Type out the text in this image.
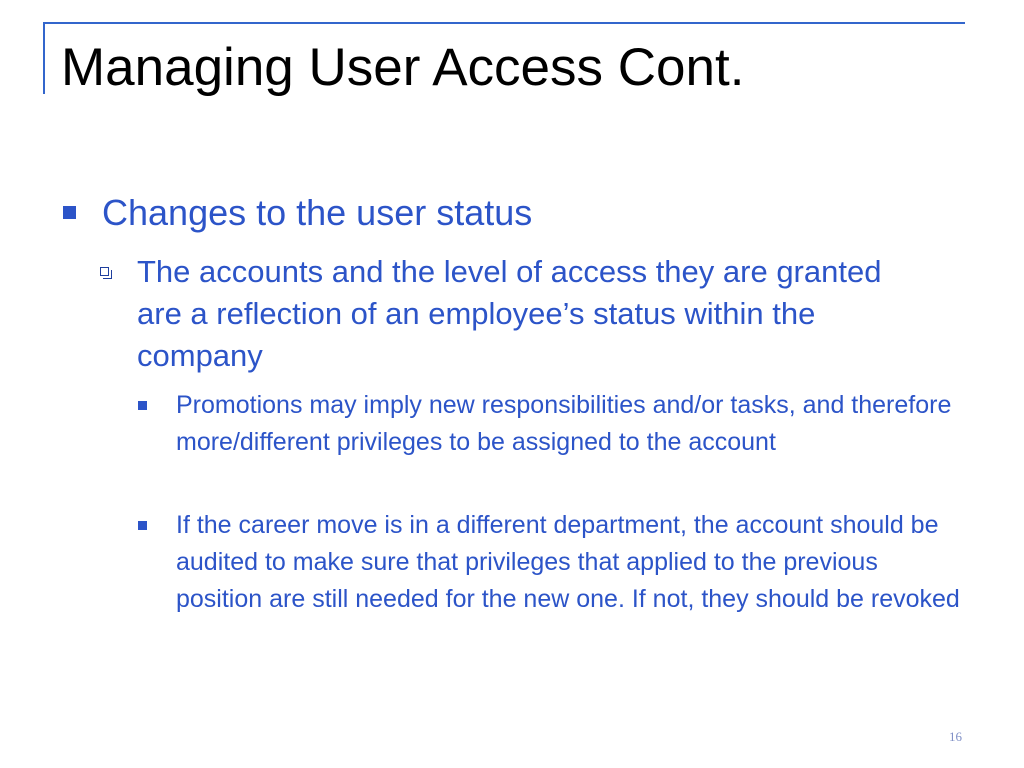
Managing User Access Cont.
Changes to the user status
The accounts and the level of access they are granted are a reflection of an employee’s status within the company
Promotions may imply new responsibilities and/or tasks, and therefore more/different privileges to be assigned to the account
If the career move is in a different department, the account should be audited to make sure that privileges that applied to the previous position are still needed for the new one. If not, they should be revoked
16
